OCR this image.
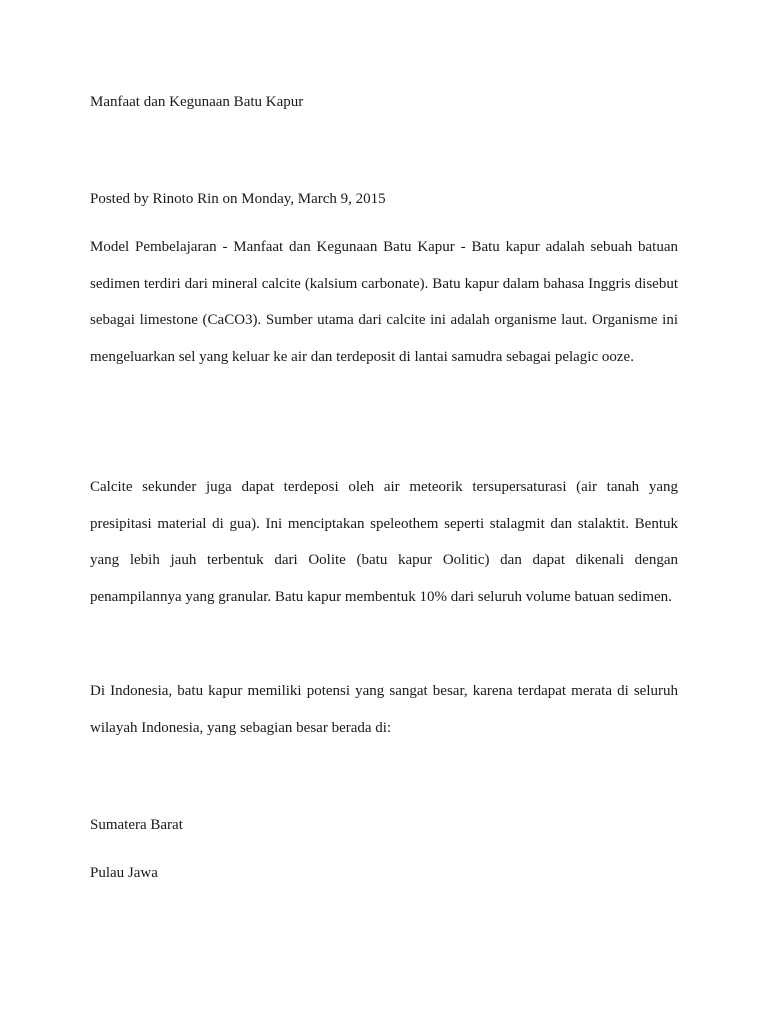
Manfaat dan Kegunaan Batu Kapur
Posted by Rinoto Rin on Monday, March 9, 2015

Model Pembelajaran - Manfaat dan Kegunaan Batu Kapur - Batu kapur adalah sebuah batuan sedimen terdiri dari mineral calcite (kalsium carbonate). Batu kapur dalam bahasa Inggris disebut sebagai limestone (CaCO3). Sumber utama dari calcite ini adalah organisme laut. Organisme ini mengeluarkan sel yang keluar ke air dan terdeposit di lantai samudra sebagai pelagic ooze.

Calcite sekunder juga dapat terdeposi oleh air meteorik tersupersaturasi (air tanah yang presipitasi material di gua). Ini menciptakan speleothem seperti stalagmit dan stalaktit. Bentuk yang lebih jauh terbentuk dari Oolite (batu kapur Oolitic) dan dapat dikenali dengan penampilannya yang granular. Batu kapur membentuk 10% dari seluruh volume batuan sedimen.

Di Indonesia, batu kapur memiliki potensi yang sangat besar, karena terdapat merata di seluruh wilayah Indonesia, yang sebagian besar berada di:

Sumatera Barat
Pulau Jawa
